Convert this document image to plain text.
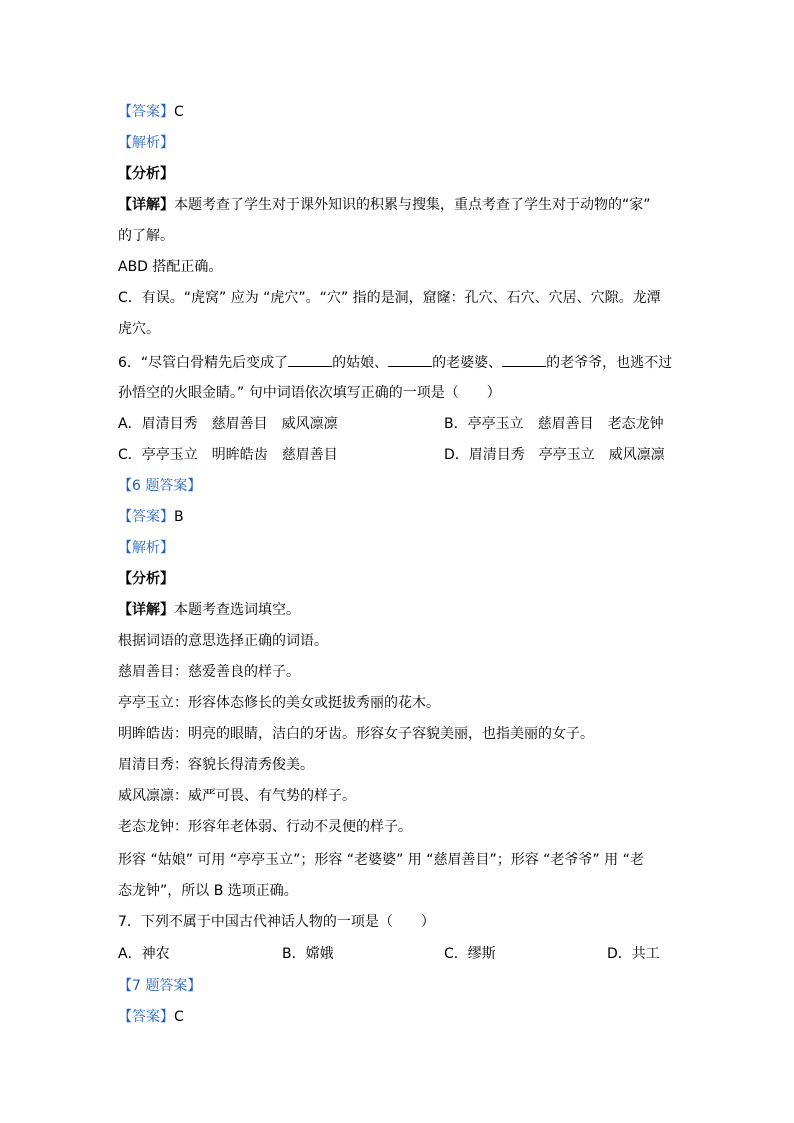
【答案】C
【解析】
【分析】
【详解】本题考查了学生对于课外知识的积累与搜集，重点考查了学生对于动物的“家”
的了解。
ABD 搭配正确。
C．有误。“虎窝” 应为 “虎穴”。“穴” 指的是洞，窟窿：孔穴、石穴、穴居、穴隙。龙潭
虎穴。
6．“尽管白骨精先后变成了	的姑娘、	的老婆婆、	的老爷爷，也逃不过
孙悟空的火眼金睛。” 句中词语依次填写正确的一项是（　　）
A．眉清目秀　慈眉善目　威风凛凛	B．亭亭玉立　慈眉善目　老态龙钟
C．亭亭玉立　明眸皓齿　慈眉善目	D．眉清目秀　亭亭玉立　威风凛凛
【6 题答案】
【答案】B
【解析】
【分析】
【详解】本题考查选词填空。
根据词语的意思选择正确的词语。
慈眉善目：慈爱善良的样子。
亭亭玉立：形容体态修长的美女或挺拔秀丽的花木。
明眸皓齿：明亮的眼睛，洁白的牙齿。形容女子容貌美丽，也指美丽的女子。
眉清目秀：容貌长得清秀俊美。
威风凛凛：威严可畏、有气势的样子。
老态龙钟：形容年老体弱、行动不灵便的样子。
形容 “姑娘” 可用 “亭亭玉立”；形容 “老婆婆” 用 “慈眉善目”；形容 “老爷爷” 用 “老
态龙钟”，所以 B 选项正确。
7．下列不属于中国古代神话人物的一项是（　　）
A．神农	B．嫦娥	C．缪斯	D．共工
【7 题答案】
【答案】C
